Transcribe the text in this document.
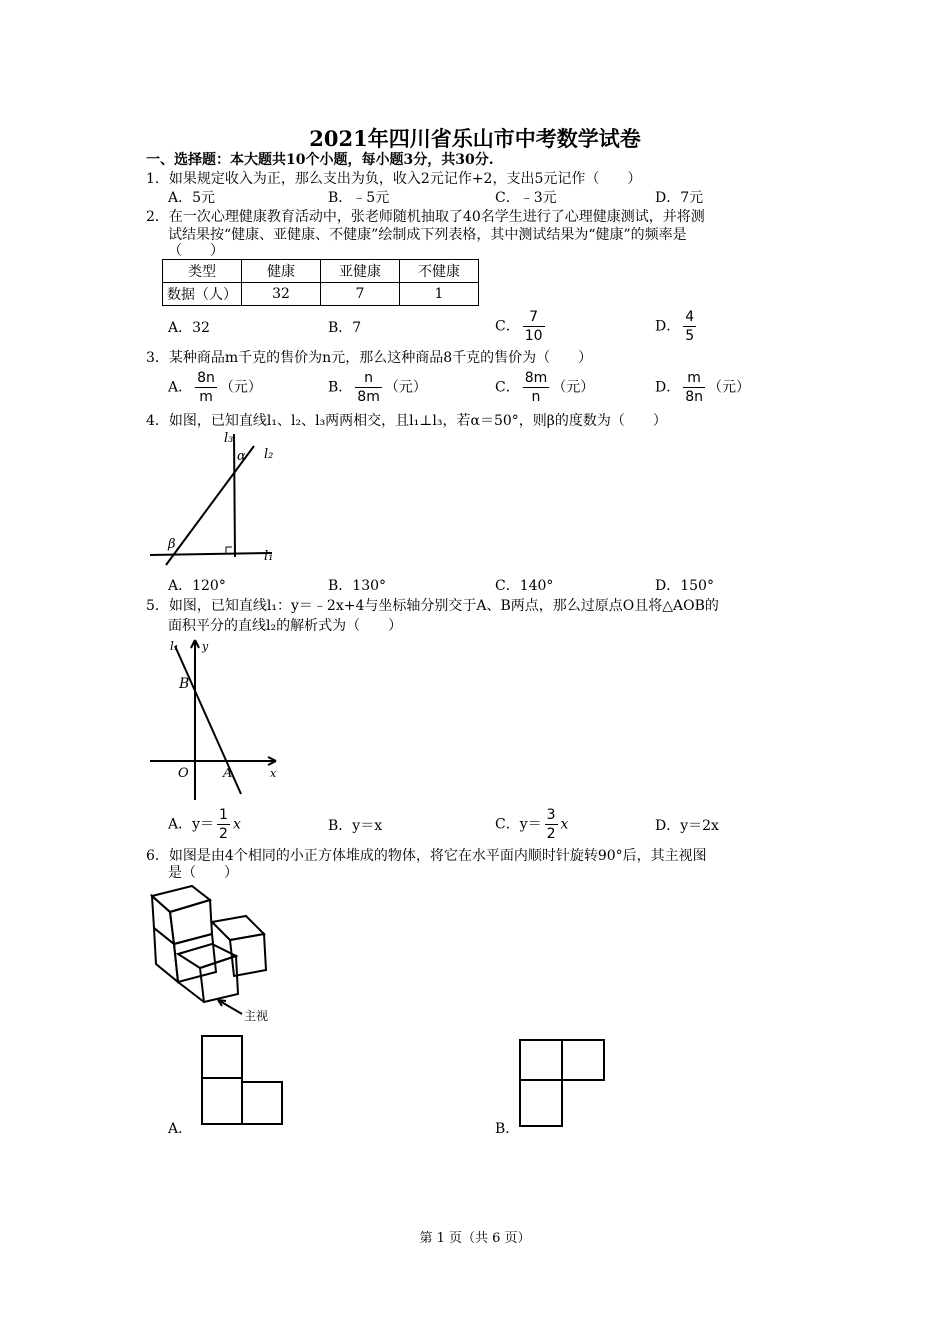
2021年四川省乐山市中考数学试卷
一、选择题：本大题共10个小题，每小题3分，共30分.
1．如果规定收入为正，那么支出为负，收入2元记作+2，支出5元记作（　　）
A．5元	B．﹣5元	C．﹣3元	D．7元
2．在一次心理健康教育活动中，张老师随机抽取了40名学生进行了心理健康测试，并将测
试结果按“健康、亚健康、不健康”绘制成下列表格，其中测试结果为“健康”的频率是
（　　）
类型	健康	亚健康	不健康
数据（人）	32	7	1
A．32	B．7	C． $\frac{7}{10}$	D． $\frac{4}{5}$
3．某种商品m千克的售价为n元，那么这种商品8千克的售价为（　　）
A． $\frac{8n}{m}$ （元）	B． $\frac{n}{8m}$ （元）	C． $\frac{8m}{n}$ （元）	D． $\frac{m}{8n}$ （元）
4．如图，已知直线l₁、l₂、l₃两两相交，且l₁⊥l₃，若α＝50°，则β的度数为（　　）
l₃
l₂
l₁
α
β
A．120°	B．130°	C．140°	D．150°
5．如图，已知直线l₁：y＝﹣2x+4与坐标轴分别交于A、B两点，那么过原点O且将△AOB的
面积平分的直线l₂的解析式为（　　）
l₁ y
B
O	A	x
A．$y= \frac{1}{2}$ x	B．y＝x	C．$y= \frac{3}{2}$ x	D．y＝2x
6．如图是由4个相同的小正方体堆成的物体，将它在水平面内顺时针旋转90°后，其主视图
是（　　）
主视
A．	B．
第 1 页（共 6 页）
